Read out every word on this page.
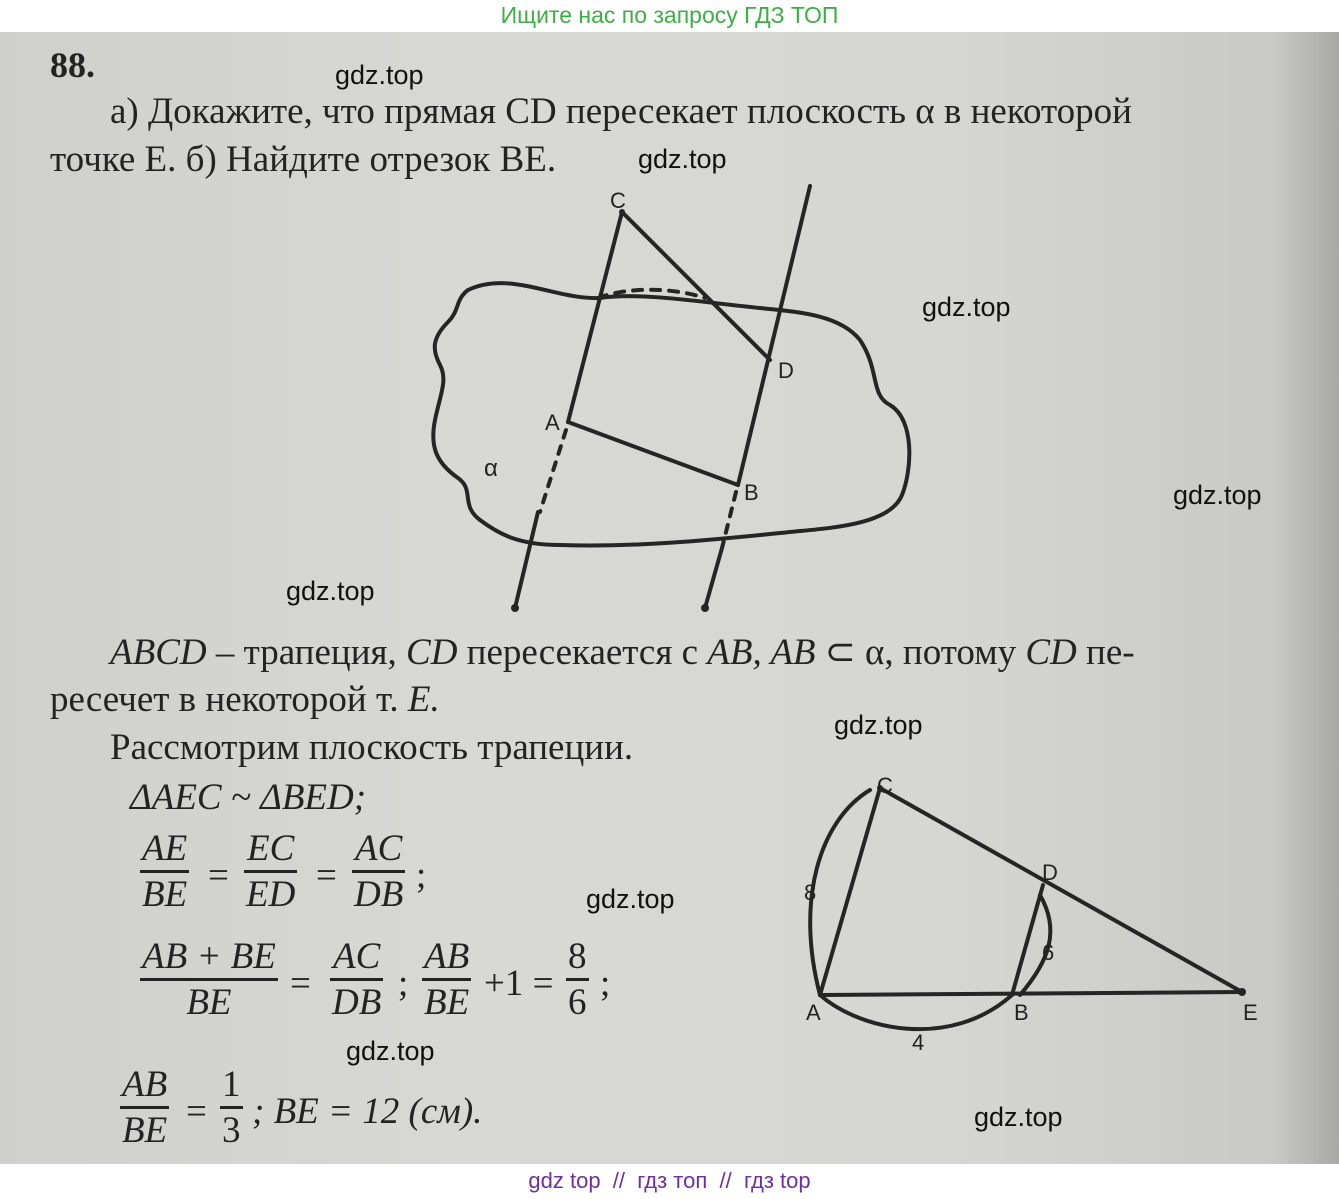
Ищите нас по запросу ГДЗ ТОП
88.
а) Докажите, что прямая CD пересекает плоскость α в некоторой
точке E. б) Найдите отрезок BE.
C
D
A
B
α
C
D
A	B	E
8
6
4
ABCD – трапеция, CD пересекается с AB, AB ⊂ α, потому CD пе-
ресечет в некоторой т. E.
Рассмотрим плоскость трапеции.
ΔAEC ~ ΔBED;
AE
BE =
EC
ED =
AC
DB ;
AB + BE
BE =
AC
DB ;
AB
BE +1 =
8
6 ;
AB
BE =
1
3 ; BE = 12 (см).
gdz.top
gdz.top
gdz.top
gdz.top
gdz.top
gdz.top
gdz.top
gdz.top
gdz.top
gdz top  //  гдз топ  //  гдз top
